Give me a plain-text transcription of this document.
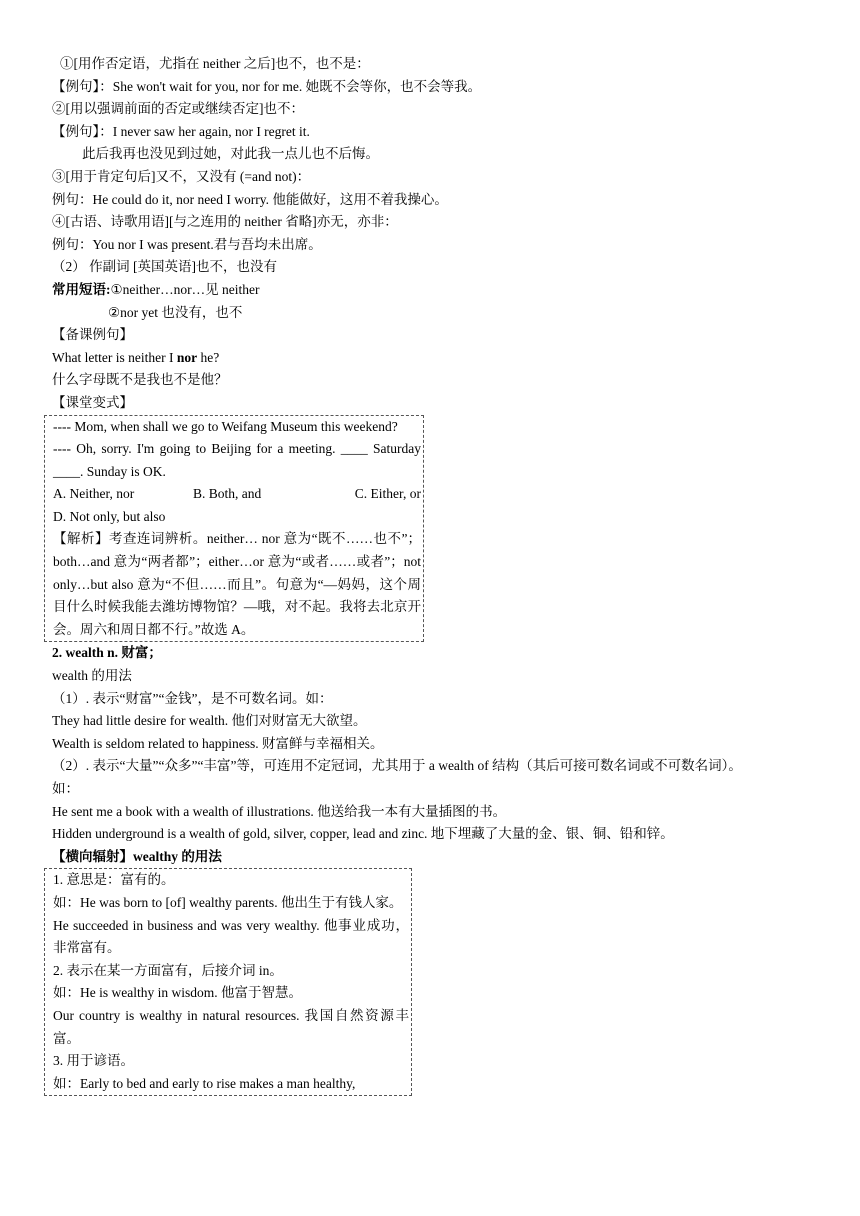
①[用作否定语，尤指在 neither 之后]也不，也不是：
【例句】：She won't wait for you, nor for me. 她既不会等你，也不会等我。
②[用以强调前面的否定或继续否定]也不：
【例句】：I never saw her again, nor I regret it.
此后我再也没见到过她，对此我一点儿也不后悔。
③[用于肯定句后]又不，又没有 (=and not)：
例句：He could do it, nor need I worry. 他能做好，这用不着我操心。
④[古语、诗歌用语][与之连用的 neither 省略]亦无，亦非：
例句：You nor I was present.君与吾均未出席。
（2） 作副词 [英国英语]也不，也没有
常用短语:①neither…nor…见 neither
②nor yet 也没有，也不
【备课例句】
What letter is neither I nor he?
什么字母既不是我也不是他？
【课堂变式】
---- Mom, when shall we go to Weifang Museum this weekend?
---- Oh, sorry. I'm going to Beijing for a meeting. ____ Saturday ____. Sunday is OK.
A. Neither, nor	B. Both, and	C. Either, or
D. Not only, but also
【解析】考查连词辨析。neither… nor 意为“既不……也不”；both…and 意为“两者都”；either…or 意为“或者……或者”；not only…but also 意为“不但……而且”。句意为“—妈妈，这个周目什么时候我能去潍坊博物馆？—哦，对不起。我将去北京开会。周六和周日都不行。”故选 A。
2. wealth n. 财富；
wealth 的用法
（1）. 表示“财富”“金钱”，是不可数名词。如：
They had little desire for wealth. 他们对财富无大欲望。
Wealth is seldom related to happiness. 财富鲜与幸福相关。
（2）. 表示“大量”“众多”“丰富”等，可连用不定冠词，尤其用于 a wealth of 结构（其后可接可数名词或不可数名词）。
如：
He sent me a book with a wealth of illustrations. 他送给我一本有大量插图的书。
Hidden underground is a wealth of gold, silver, copper, lead and zinc. 地下埋藏了大量的金、银、铜、铅和锌。
【横向辐射】wealthy 的用法
1. 意思是：富有的。
如：He was born to [of] wealthy parents. 他出生于有钱人家。
He succeeded in business and was very wealthy. 他事业成功，非常富有。
2. 表示在某一方面富有，后接介词 in。
如：He is wealthy in wisdom. 他富于智慧。
Our country is wealthy in natural resources. 我国自然资源丰富。
3. 用于谚语。
如：Early to bed and early to rise makes a man healthy,
